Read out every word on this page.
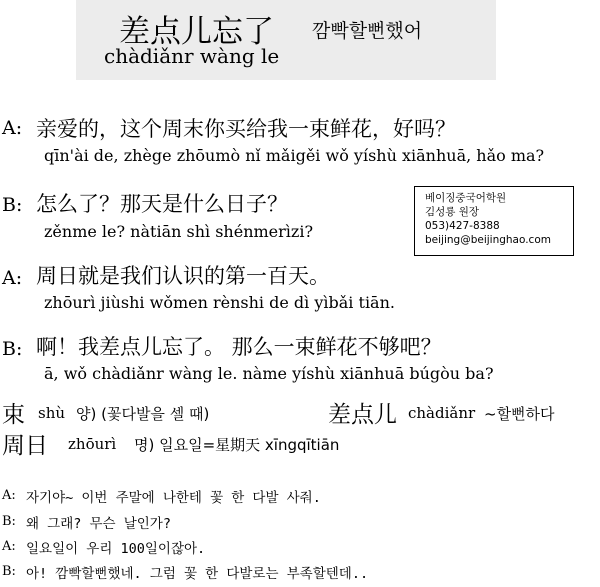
差点儿忘了 깜빡할뻔했어
chàdiǎnr wàng le
A: 亲爱的，这个周末你买给我一束鲜花，好吗？
qīn'ài de, zhège zhōumò nǐ mǎigěi wǒ yíshù xiānhuā, hǎo ma?
B: 怎么了？那天是什么日子？
zěnme le? nàtiān shì shénmerìzi?
베이징중국어학원
김성룡 원장
053)427-8388
beijing@beijinghao.com
A: 周日就是我们认识的第一百天。
zhōurì jiùshi wǒmen rènshi de dì yìbǎi tiān.
B: 啊！我差点儿忘了。 那么一束鲜花不够吧？
ā, wǒ chàdiǎnr wàng le. nàme yíshù xiānhuā búgòu ba?
束 shù 양) (꽃다발을 셀 때)	差点儿 chàdiǎnr ~할뻔하다
周日 zhōurì 명) 일요일=星期天 xīngqītiān
A: 자기야~ 이번 주말에 나한테 꽃 한 다발 사줘.
B: 왜 그래? 무슨 날인가?
A: 일요일이 우리 100일이잖아.
B: 아! 깜빡할뻔했네. 그럼 꽃 한 다발로는 부족할텐데..
